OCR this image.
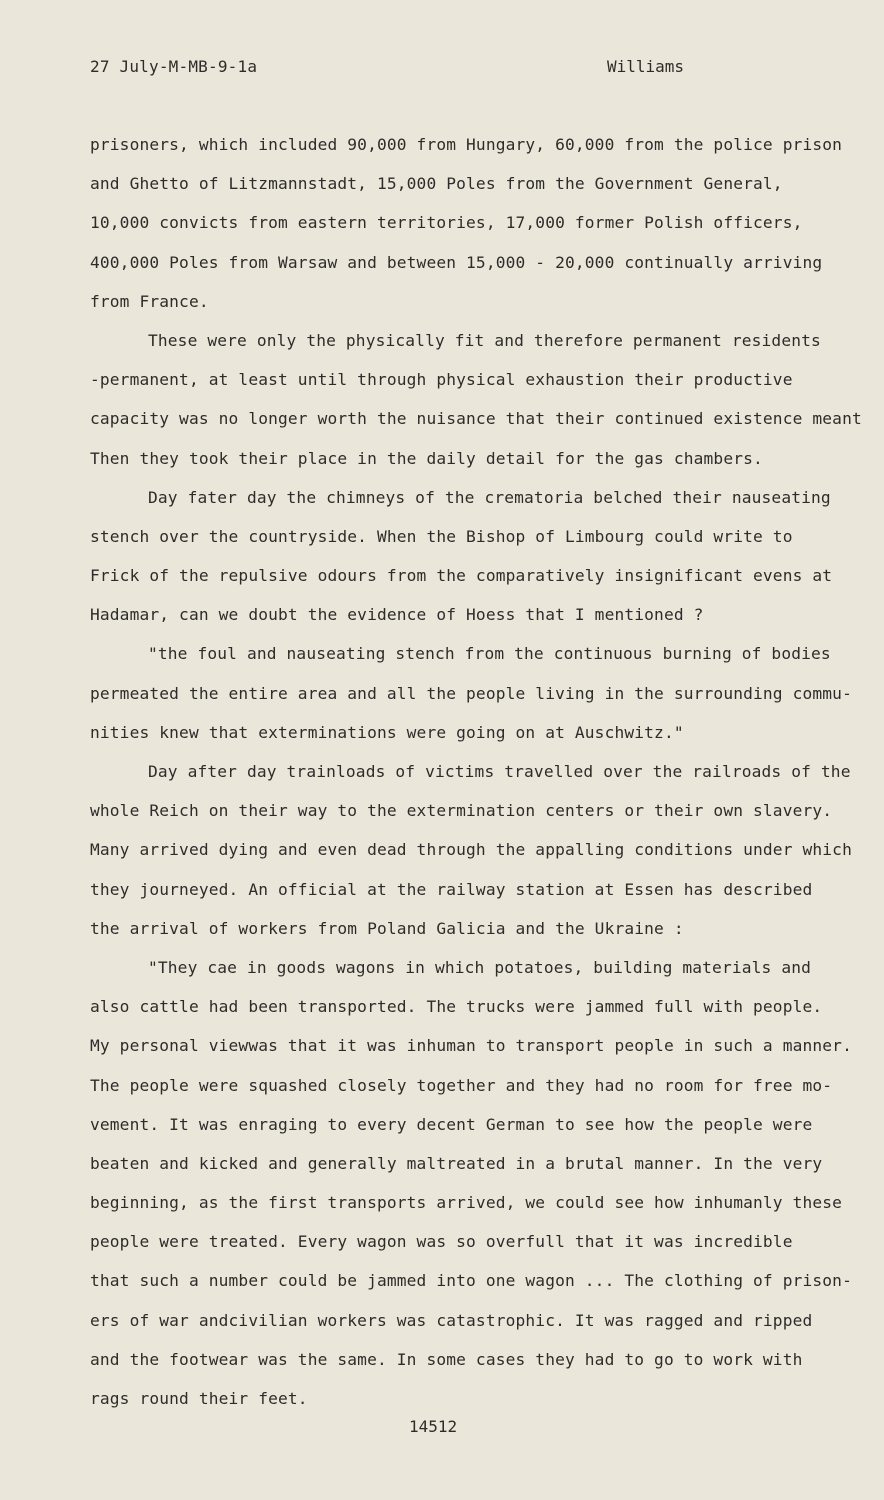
27 July-M-MB-9-1a	Williams
prisoners, which included 90,000 from Hungary, 60,000 from the police prison
and Ghetto of Litzmannstadt, 15,000 Poles from the Government General,
10,000 convicts from eastern territories, 17,000 former Polish officers,
400,000 Poles from Warsaw and between 15,000 - 20,000 continually arriving
from France.
These were only the physically fit and therefore permanent residents
-permanent, at least until through physical exhaustion their productive
capacity was no longer worth the nuisance that their continued existence meant
Then they took their place in the daily detail for the gas chambers.
Day fater day the chimneys of the crematoria belched their nauseating
stench over the countryside. When the Bishop of Limbourg could write to
Frick of the repulsive odours from the comparatively insignificant evens at
Hadamar, can we doubt the evidence of Hoess that I mentioned ?
"the foul and nauseating stench from the continuous burning of bodies
permeated the entire area and all the people living in the surrounding commu-
nities knew that exterminations were going on at Auschwitz."
Day after day trainloads of victims travelled over the railroads of the
whole Reich on their way to the extermination centers or their own slavery.
Many arrived dying and even dead through the appalling conditions under which
they journeyed. An official at the railway station at Essen has described
the arrival of workers from Poland Galicia and the Ukraine :
"They cae in goods wagons in which potatoes, building materials and
also cattle had been transported. The trucks were jammed full with people.
My personal viewwas that it was inhuman to transport people in such a manner.
The people were squashed closely together and they had no room for free mo-
vement. It was enraging to every decent German to see how the people were
beaten and kicked and generally maltreated in a brutal manner. In the very
beginning, as the first transports arrived, we could see how inhumanly these
people were treated. Every wagon was so overfull that it was incredible
that such a number could be jammed into one wagon ... The clothing of prison-
ers of war andcivilian workers was catastrophic. It was ragged and ripped
and the footwear was the same. In some cases they had to go to work with
rags round their feet.
14512
